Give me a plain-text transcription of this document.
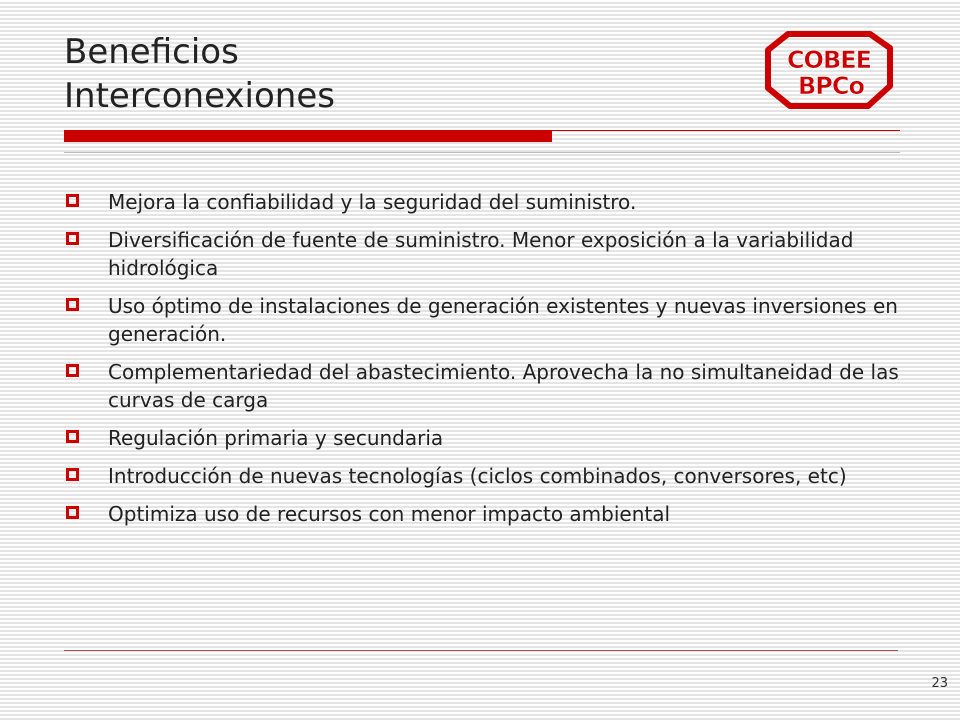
Beneficios
Interconexiones
COBEE
BPCo
Mejora la confiabilidad y la seguridad del suministro.
Diversificación de fuente de suministro. Menor exposición a la variabilidad hidrológica
Uso óptimo de instalaciones de generación existentes y nuevas inversiones en generación.
Complementariedad del abastecimiento. Aprovecha la no simultaneidad de las curvas de carga
Regulación primaria y secundaria
Introducción de nuevas tecnologías (ciclos combinados, conversores, etc)
Optimiza uso de recursos con menor impacto ambiental
23
